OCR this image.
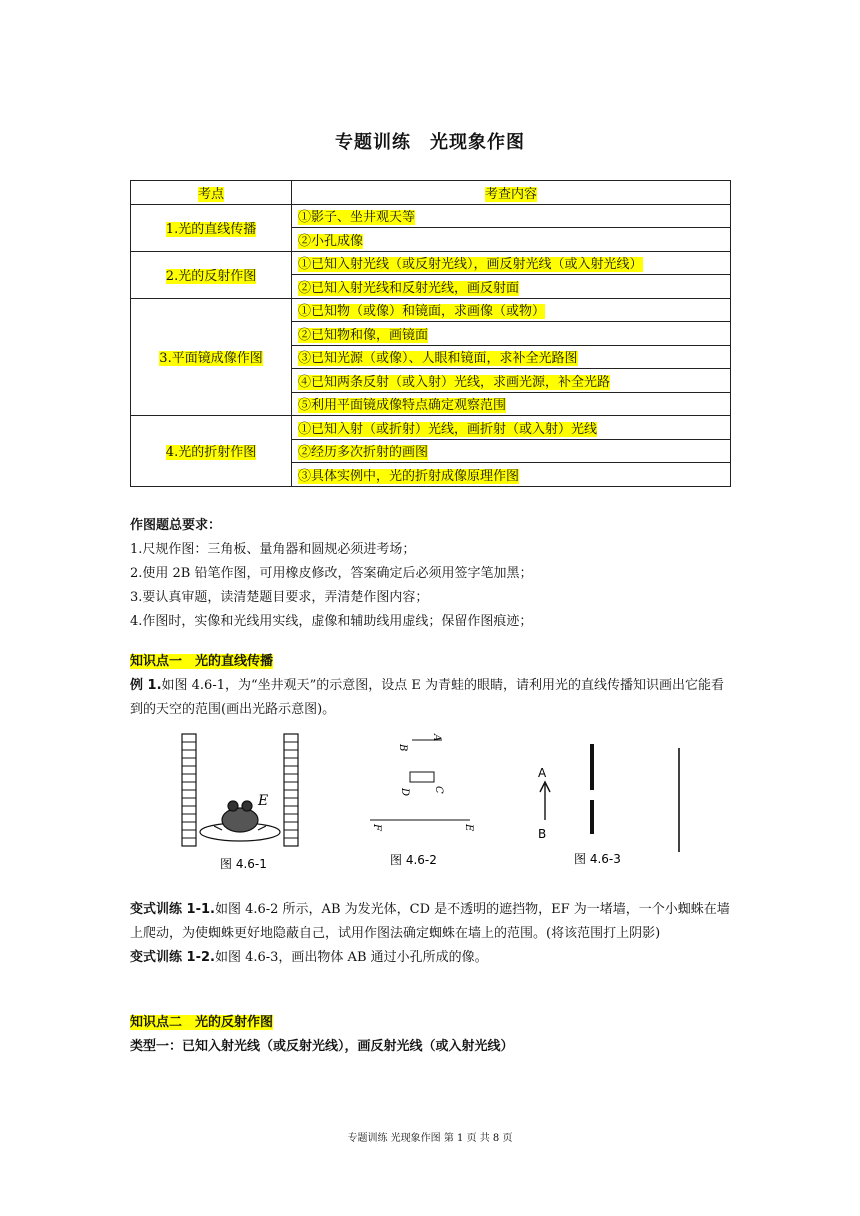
专题训练　光现象作图
考点	考查内容
1.光的直线传播	①影子、坐井观天等
	②小孔成像
2.光的反射作图	①已知入射光线（或反射光线），画反射光线（或入射光线）
	②已知入射光线和反射光线，画反射面
3.平面镜成像作图	①已知物（或像）和镜面，求画像（或物）
	②已知物和像，画镜面
	③已知光源（或像）、人眼和镜面，求补全光路图
	④已知两条反射（或入射）光线，求画光源，补全光路
	⑤利用平面镜成像特点确定观察范围
4.光的折射作图	①已知入射（或折射）光线，画折射（或入射）光线
	②经历多次折射的画图
	③具体实例中，光的折射成像原理作图
作图题总要求：
1.尺规作图：三角板、量角器和圆规必须进考场；
2.使用 2B 铅笔作图，可用橡皮修改，答案确定后必须用签字笔加黑；
3.要认真审题，读清楚题目要求，弄清楚作图内容；
4.作图时，实像和光线用实线，虚像和辅助线用虚线；保留作图痕迹；
知识点一　光的直线传播
例 1.如图 4.6-1，为“坐井观天”的示意图，设点 E 为青蛙的眼睛，请利用光的直线传播知识画出它能看到的天空的范围(画出光路示意图)。
E
图 4.6-1
B
A
D C
F	E
图 4.6-2
A
B
图 4.6-3
变式训练 1-1.如图 4.6-2 所示，AB 为发光体，CD 是不透明的遮挡物，EF 为一堵墙，一个小蜘蛛在墙上爬动，为使蜘蛛更好地隐蔽自己，试用作图法确定蜘蛛在墙上的范围。(将该范围打上阴影)
变式训练 1-2.如图 4.6-3，画出物体 AB 通过小孔所成的像。
知识点二　光的反射作图
类型一：已知入射光线（或反射光线），画反射光线（或入射光线）
专题训练 光现象作图 第 1 页 共 8 页
